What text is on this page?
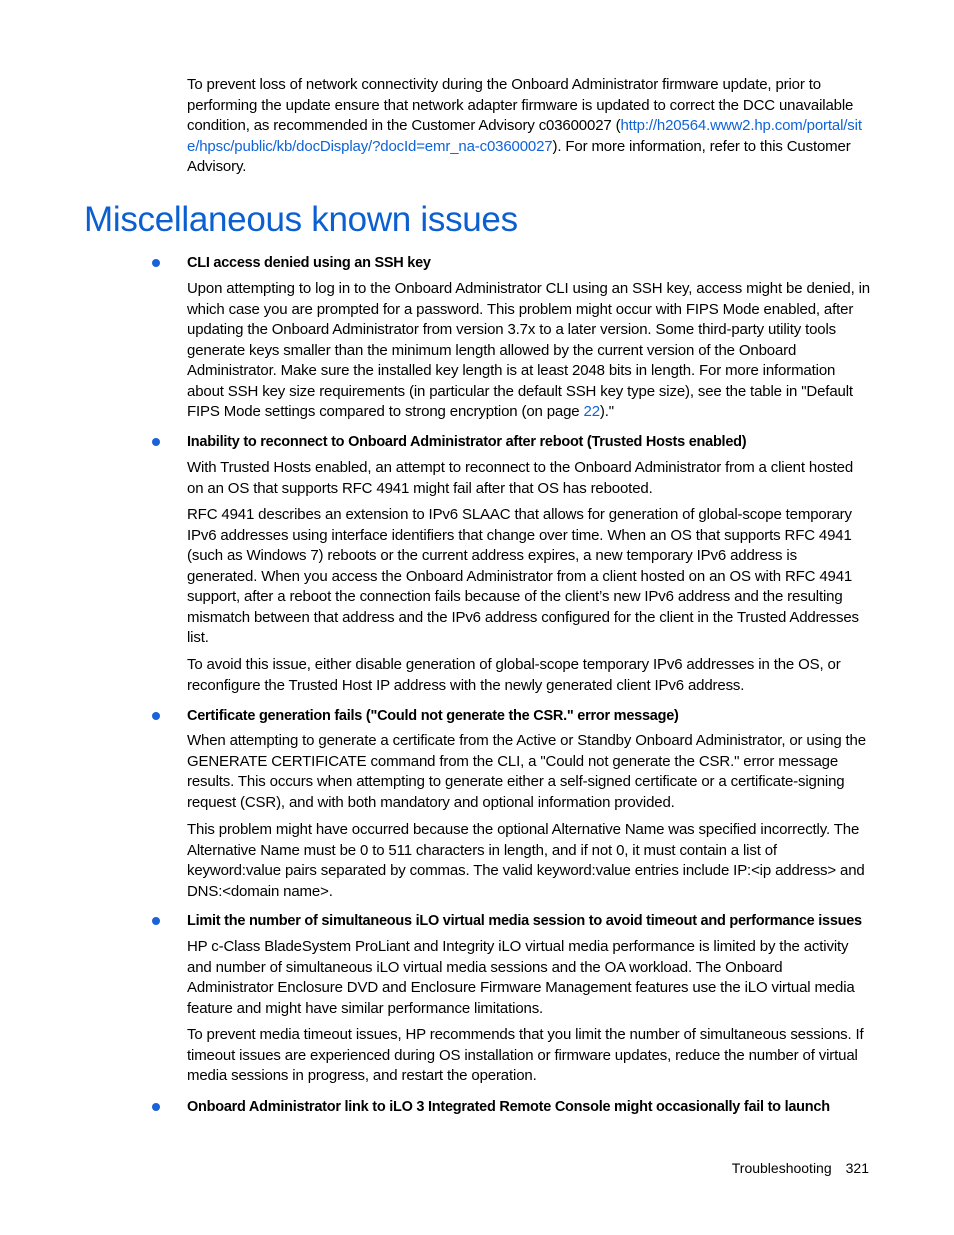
To prevent loss of network connectivity during the Onboard Administrator firmware update, prior to performing the update ensure that network adapter firmware is updated to correct the DCC unavailable condition, as recommended in the Customer Advisory c03600027 (http://h20564.www2.hp.com/portal/site/hpsc/public/kb/docDisplay/?docId=emr_na-c03600027). For more information, refer to this Customer Advisory.

Miscellaneous known issues
CLI access denied using an SSH key

Upon attempting to log in to the Onboard Administrator CLI using an SSH key, access might be denied, in which case you are prompted for a password. This problem might occur with FIPS Mode enabled, after updating the Onboard Administrator from version 3.7x to a later version. Some third-party utility tools generate keys smaller than the minimum length allowed by the current version of the Onboard Administrator. Make sure the installed key length is at least 2048 bits in length. For more information about SSH key size requirements (in particular the default SSH key type size), see the table in "Default FIPS Mode settings compared to strong encryption (on page 22)."

Inability to reconnect to Onboard Administrator after reboot (Trusted Hosts enabled)

With Trusted Hosts enabled, an attempt to reconnect to the Onboard Administrator from a client hosted on an OS that supports RFC 4941 might fail after that OS has rebooted.

RFC 4941 describes an extension to IPv6 SLAAC that allows for generation of global-scope temporary IPv6 addresses using interface identifiers that change over time. When an OS that supports RFC 4941 (such as Windows 7) reboots or the current address expires, a new temporary IPv6 address is generated. When you access the Onboard Administrator from a client hosted on an OS with RFC 4941 support, after a reboot the connection fails because of the client’s new IPv6 address and the resulting mismatch between that address and the IPv6 address configured for the client in the Trusted Addresses list.

To avoid this issue, either disable generation of global-scope temporary IPv6 addresses in the OS, or reconfigure the Trusted Host IP address with the newly generated client IPv6 address.

Certificate generation fails ("Could not generate the CSR." error message)

When attempting to generate a certificate from the Active or Standby Onboard Administrator, or using the GENERATE CERTIFICATE command from the CLI, a "Could not generate the CSR." error message results. This occurs when attempting to generate either a self-signed certificate or a certificate-signing request (CSR), and with both mandatory and optional information provided.

This problem might have occurred because the optional Alternative Name was specified incorrectly. The Alternative Name must be 0 to 511 characters in length, and if not 0, it must contain a list of keyword:value pairs separated by commas. The valid keyword:value entries include IP:<ip address> and DNS:<domain name>.

Limit the number of simultaneous iLO virtual media session to avoid timeout and performance issues

HP c-Class BladeSystem ProLiant and Integrity iLO virtual media performance is limited by the activity and number of simultaneous iLO virtual media sessions and the OA workload. The Onboard Administrator Enclosure DVD and Enclosure Firmware Management features use the iLO virtual media feature and might have similar performance limitations.

To prevent media timeout issues, HP recommends that you limit the number of simultaneous sessions. If timeout issues are experienced during OS installation or firmware updates, reduce the number of virtual media sessions in progress, and restart the operation.

Onboard Administrator link to iLO 3 Integrated Remote Console might occasionally fail to launch
Troubleshooting 321
